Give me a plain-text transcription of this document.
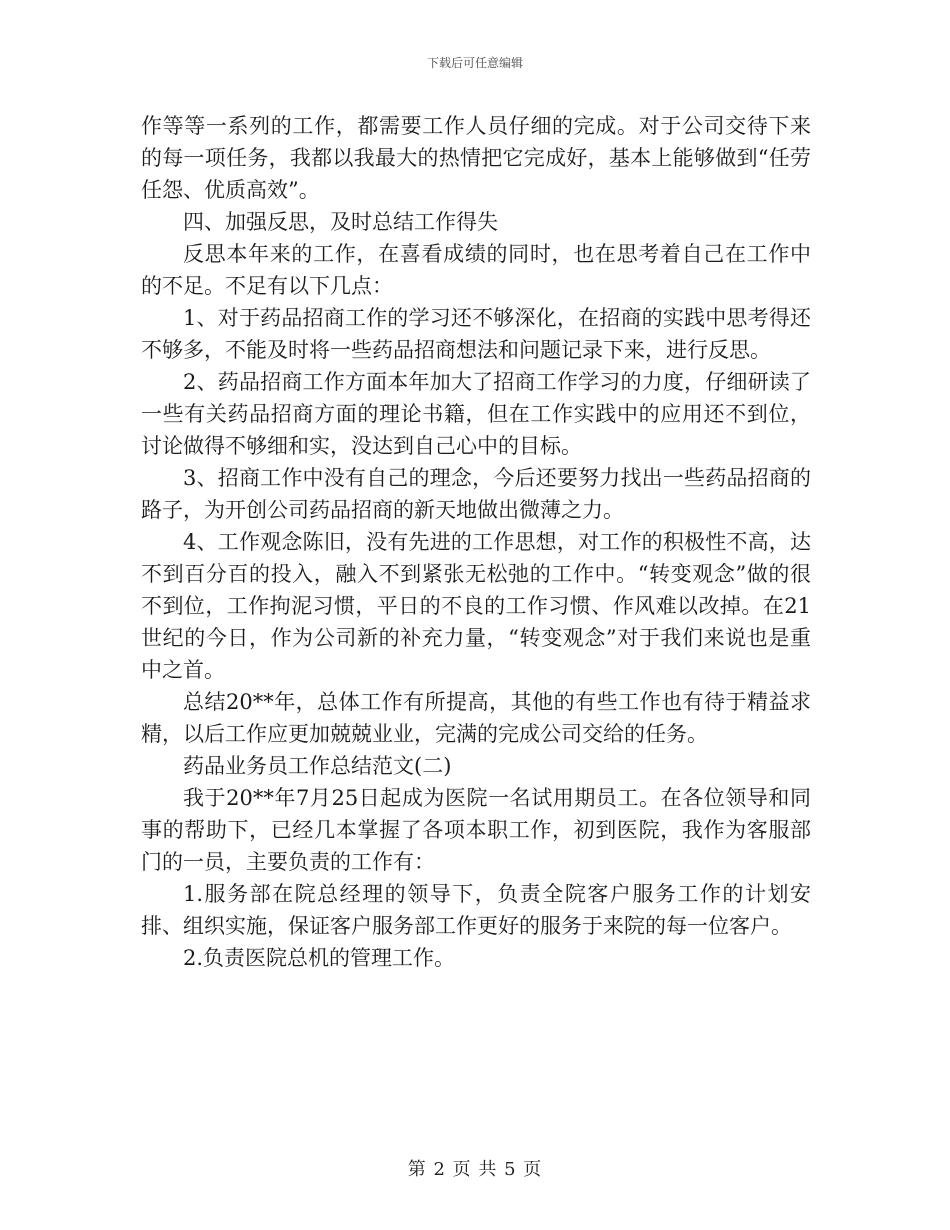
下载后可任意编辑

作等等一系列的工作，都需要工作人员仔细的完成。对于公司交待下来的每一项任务，我都以我最大的热情把它完成好，基本上能够做到“任劳任怨、优质高效”。

四、加强反思，及时总结工作得失

反思本年来的工作，在喜看成绩的同时，也在思考着自己在工作中的不足。不足有以下几点：

1、对于药品招商工作的学习还不够深化，在招商的实践中思考得还不够多，不能及时将一些药品招商想法和问题记录下来，进行反思。

2、药品招商工作方面本年加大了招商工作学习的力度，仔细研读了一些有关药品招商方面的理论书籍，但在工作实践中的应用还不到位，讨论做得不够细和实，没达到自己心中的目标。

3、招商工作中没有自己的理念，今后还要努力找出一些药品招商的路子，为开创公司药品招商的新天地做出微薄之力。

4、工作观念陈旧，没有先进的工作思想，对工作的积极性不高，达不到百分百的投入，融入不到紧张无松弛的工作中。“转变观念”做的很不到位，工作拘泥习惯，平日的不良的工作习惯、作风难以改掉。在21世纪的今日，作为公司新的补充力量，“转变观念”对于我们来说也是重中之首。

总结20**年，总体工作有所提高，其他的有些工作也有待于精益求精，以后工作应更加兢兢业业，完满的完成公司交给的任务。

药品业务员工作总结范文(二)

我于20**年7月25日起成为医院一名试用期员工。在各位领导和同事的帮助下，已经几本掌握了各项本职工作，初到医院，我作为客服部门的一员，主要负责的工作有：

1.服务部在院总经理的领导下，负责全院客户服务工作的计划安排、组织实施，保证客户服务部工作更好的服务于来院的每一位客户。

2.负责医院总机的管理工作。

第 2 页 共 5 页
